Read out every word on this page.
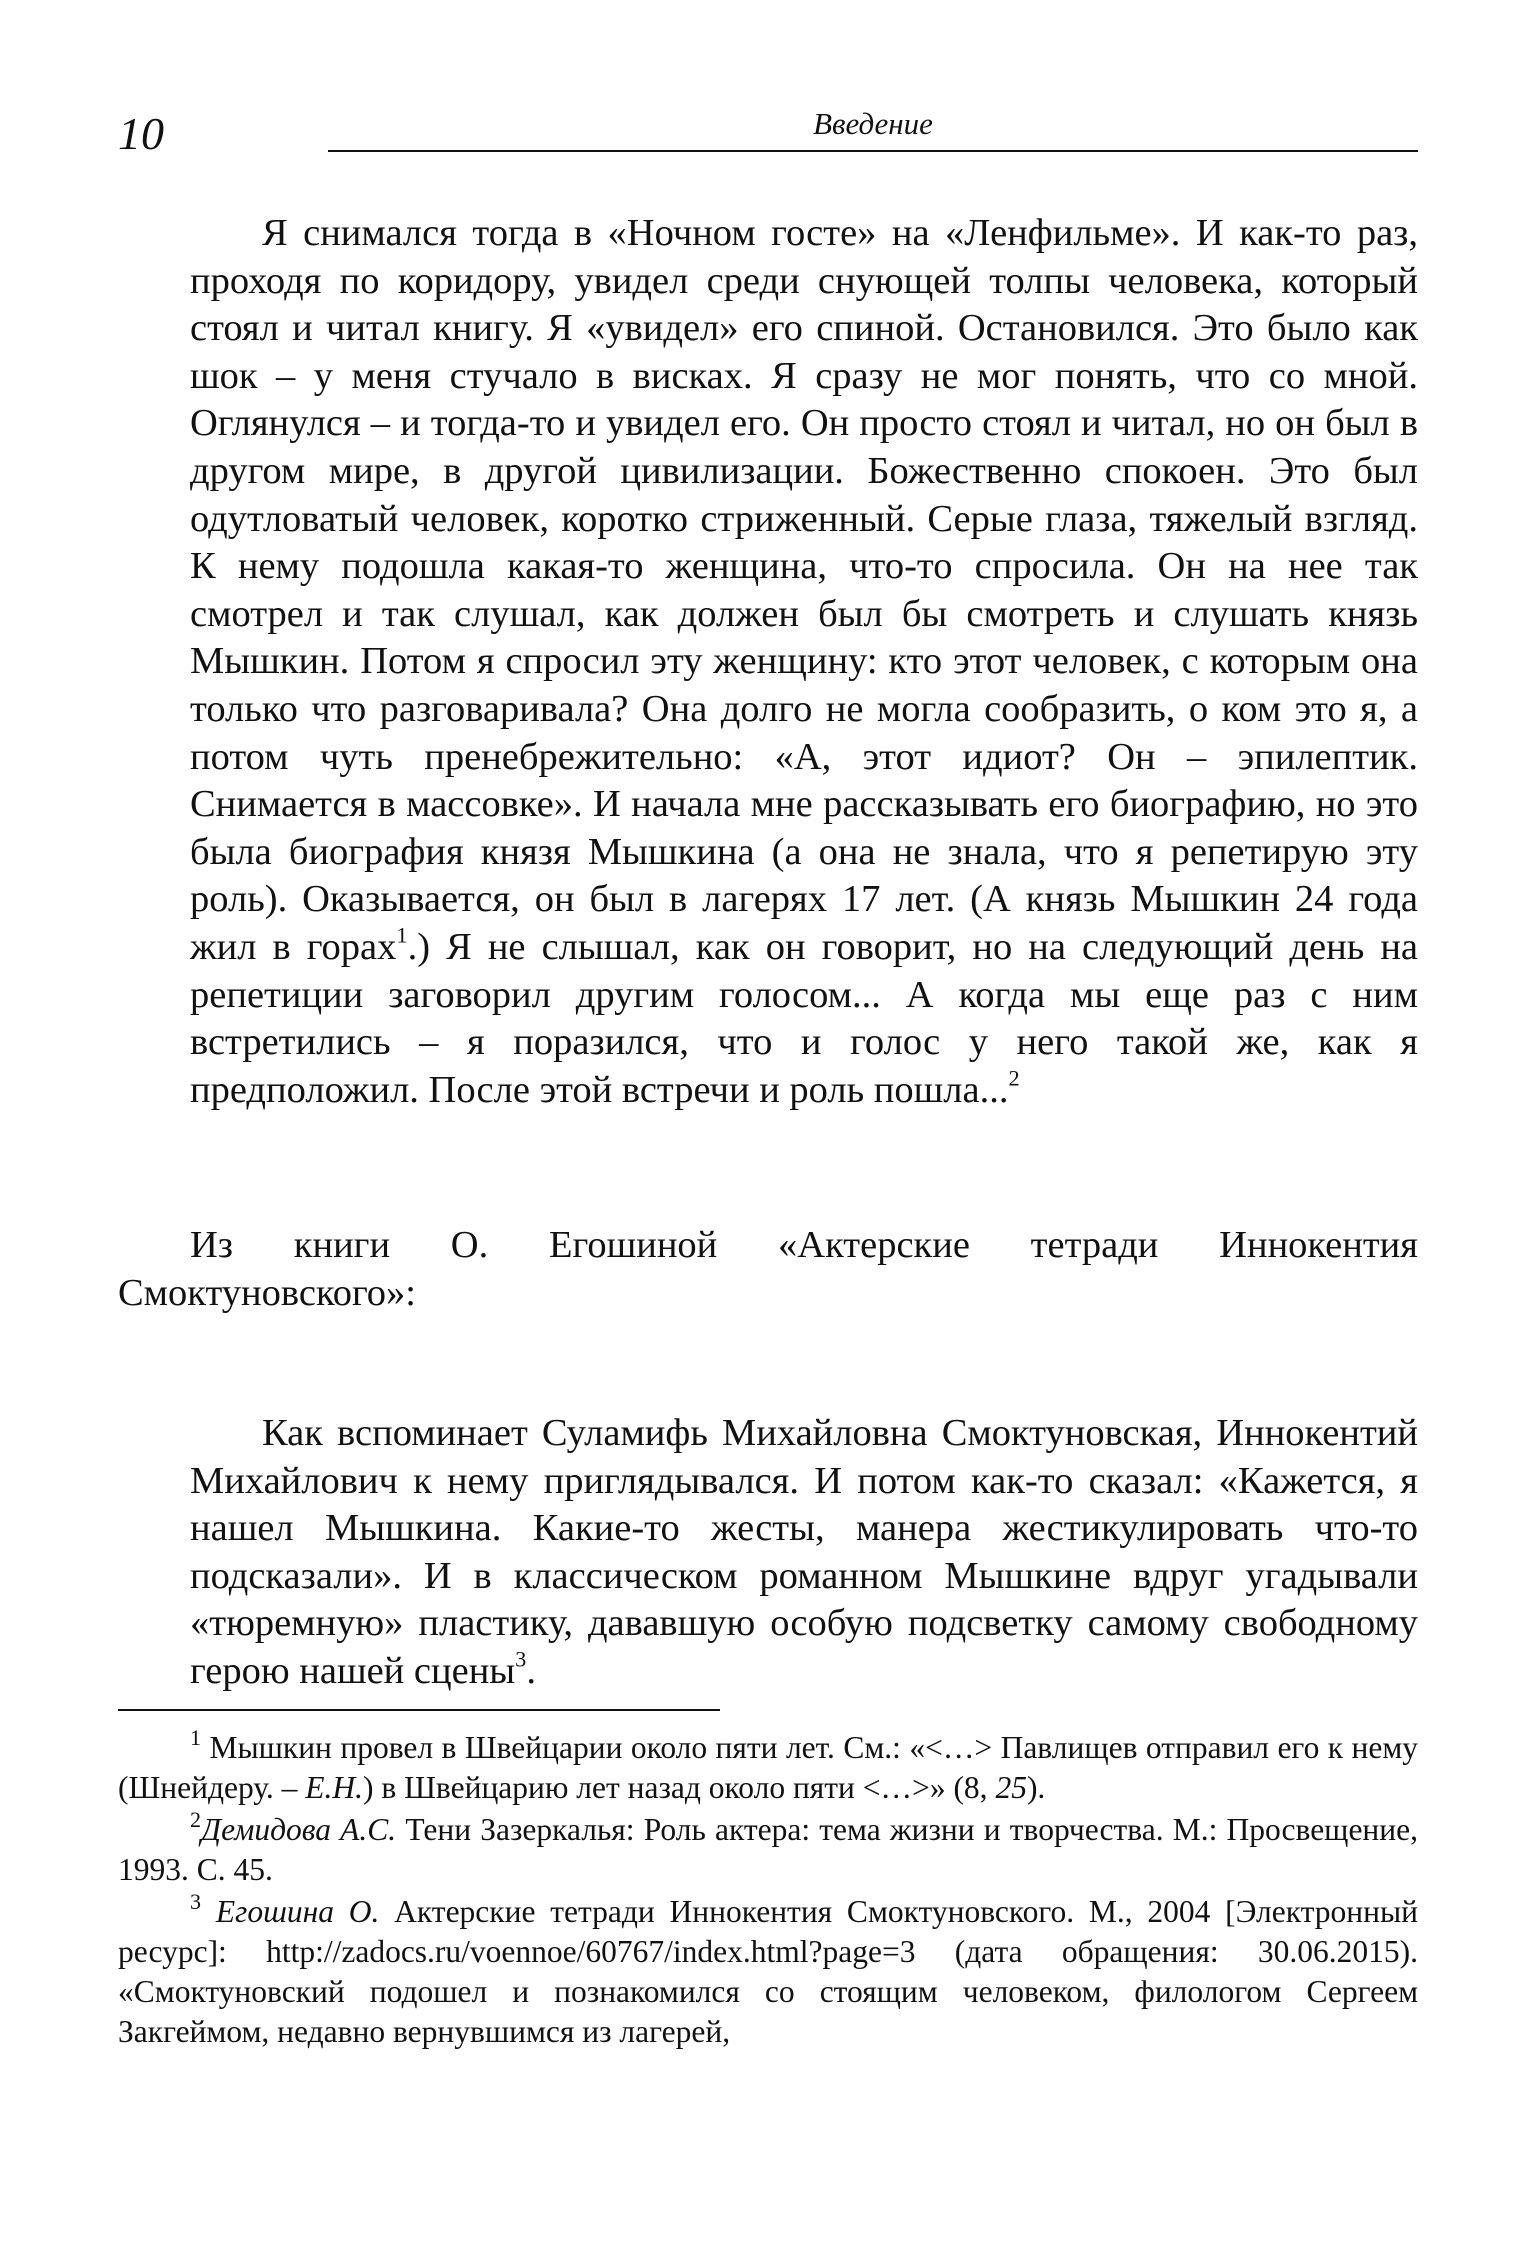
10	Введение

Я снимался тогда в «Ночном госте» на «Ленфильме». И как-то раз, проходя по коридору, увидел среди снующей толпы человека, который стоял и читал книгу. Я «увидел» его спиной. Остановился. Это было как шок – у меня стучало в висках. Я сразу не мог понять, что со мной. Оглянулся – и тогда-то и увидел его. Он просто стоял и читал, но он был в другом мире, в другой цивилизации. Божественно спокоен. Это был одутловатый человек, коротко стриженный. Серые глаза, тяжелый взгляд. К нему подошла какая-то женщина, что-то спросила. Он на нее так смотрел и так слушал, как должен был бы смотреть и слушать князь Мышкин. Потом я спросил эту женщину: кто этот человек, с которым она только что разговаривала? Она долго не могла сообразить, о ком это я, а потом чуть пренебрежительно: «А, этот идиот? Он – эпилептик. Снимается в массовке». И начала мне рассказывать его биографию, но это была биография князя Мышкина (а она не знала, что я репетирую эту роль). Оказывается, он был в лагерях 17 лет. (А князь Мышкин 24 года жил в горах$^1$.) Я не слышал, как он говорит, но на следующий день на репетиции заговорил другим голосом... А когда мы еще раз с ним встретились – я поразился, что и голос у него такой же, как я предположил. После этой встречи и роль пошла...$^2$

Из книги О. Егошиной «Актерские тетради Иннокентия Смоктуновского»:

Как вспоминает Суламифь Михайловна Смоктуновская, Иннокентий Михайлович к нему приглядывался. И потом как-то сказал: «Кажется, я нашел Мышкина. Какие-то жесты, манера жестикулировать что-то подсказали». И в классическом романном Мышкине вдруг угадывали «тюремную» пластику, дававшую особую подсветку самому свободному герою нашей сцены$^3$.

$^1$ Мышкин провел в Швейцарии около пяти лет. См.: «<…> Павлищев отправил его к нему (Шнейдеру. – Е.Н.) в Швейцарию лет назад около пяти <…>» (8, 25).

$^2$Демидова А.С. Тени Зазеркалья: Роль актера: тема жизни и творчества. М.: Просвещение, 1993. С. 45.

$^3$ Егошина О. Актерские тетради Иннокентия Смоктуновского. М., 2004 [Электронный ресурс]: http://zadocs.ru/voennoe/60767/index.html?page=3 (дата обращения: 30.06.2015). «Смоктуновский подошел и познакомился со стоящим человеком, филологом Сергеем Закгеймом, недавно вернувшимся из лагерей,
